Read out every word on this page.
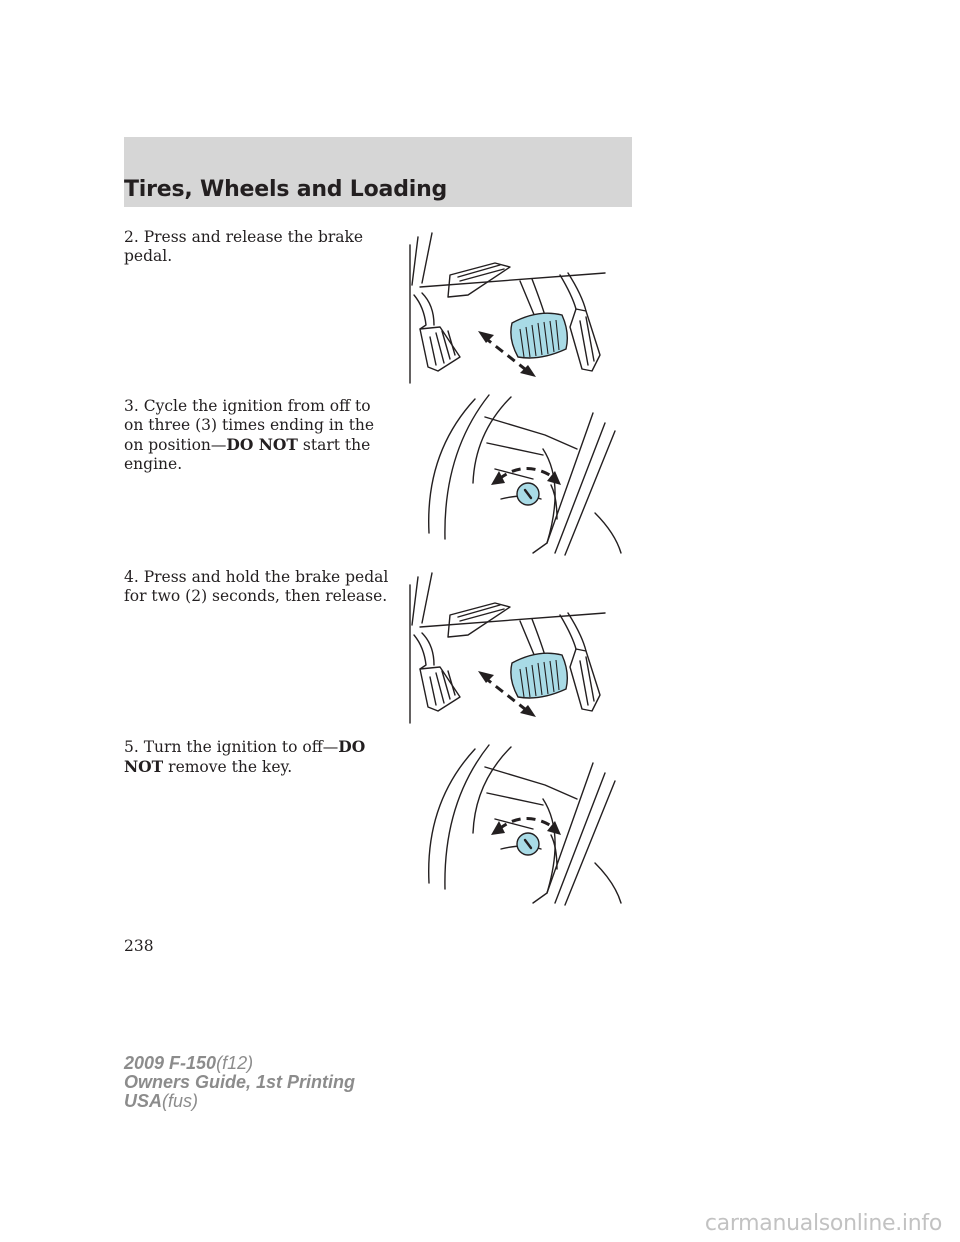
Tires, Wheels and Loading

2. Press and release the brake pedal.

3. Cycle the ignition from off to on three (3) times ending in the on position—DO NOT start the engine.

4. Press and hold the brake pedal for two (2) seconds, then release.

5. Turn the ignition to off—DO NOT remove the key.

238

2009 F-150(f12)
Owners Guide, 1st Printing
USA(fus)
carmanualsonline.info
